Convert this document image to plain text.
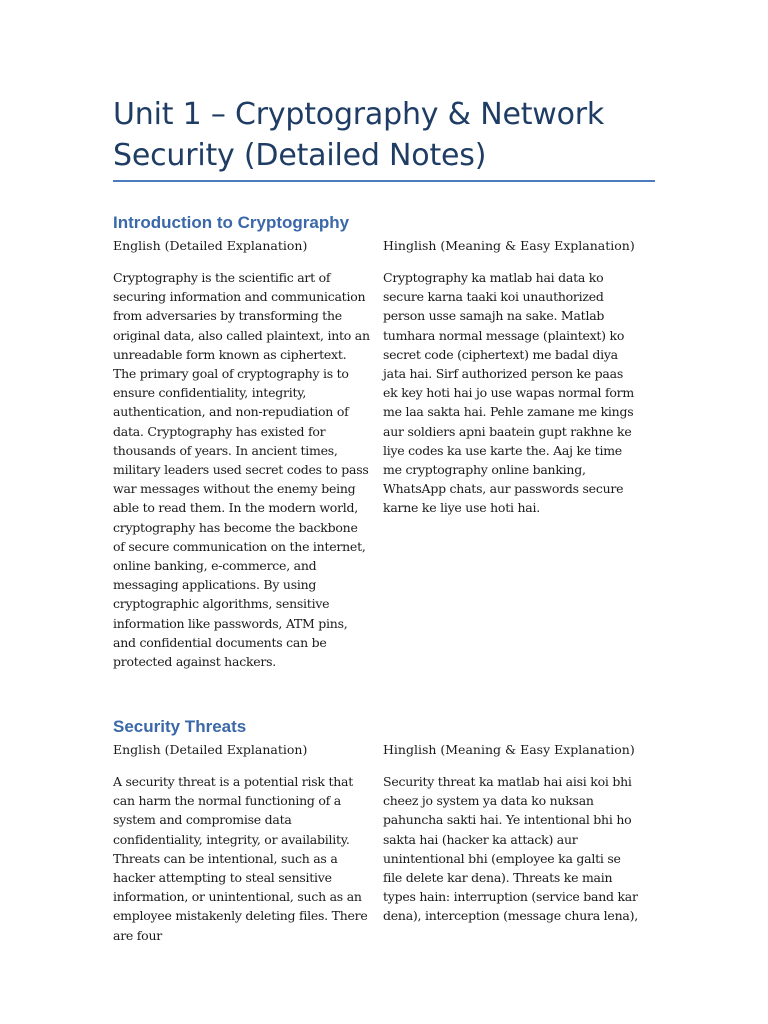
Unit 1 – Cryptography & Network Security (Detailed Notes)
Introduction to Cryptography
English (Detailed Explanation)	Hinglish (Meaning & Easy Explanation)

Cryptography is the scientific art of securing information and communication from adversaries by transforming the original data, also called plaintext, into an unreadable form known as ciphertext. The primary goal of cryptography is to ensure confidentiality, integrity, authentication, and non-repudiation of data. Cryptography has existed for thousands of years. In ancient times, military leaders used secret codes to pass war messages without the enemy being able to read them. In the modern world, cryptography has become the backbone of secure communication on the internet, online banking, e-commerce, and messaging applications. By using cryptographic algorithms, sensitive information like passwords, ATM pins, and confidential documents can be protected against hackers.

Cryptography ka matlab hai data ko secure karna taaki koi unauthorized person usse samajh na sake. Matlab tumhara normal message (plaintext) ko secret code (ciphertext) me badal diya jata hai. Sirf authorized person ke paas ek key hoti hai jo use wapas normal form me laa sakta hai. Pehle zamane me kings aur soldiers apni baatein gupt rakhne ke liye codes ka use karte the. Aaj ke time me cryptography online banking, WhatsApp chats, aur passwords secure karne ke liye use hoti hai.

Security Threats
English (Detailed Explanation)	Hinglish (Meaning & Easy Explanation)

A security threat is a potential risk that can harm the normal functioning of a system and compromise data confidentiality, integrity, or availability. Threats can be intentional, such as a hacker attempting to steal sensitive information, or unintentional, such as an employee mistakenly deleting files. There are four

Security threat ka matlab hai aisi koi bhi cheez jo system ya data ko nuksan pahuncha sakti hai. Ye intentional bhi ho sakta hai (hacker ka attack) aur unintentional bhi (employee ka galti se file delete kar dena). Threats ke main types hain: interruption (service band kar dena), interception (message chura lena),
